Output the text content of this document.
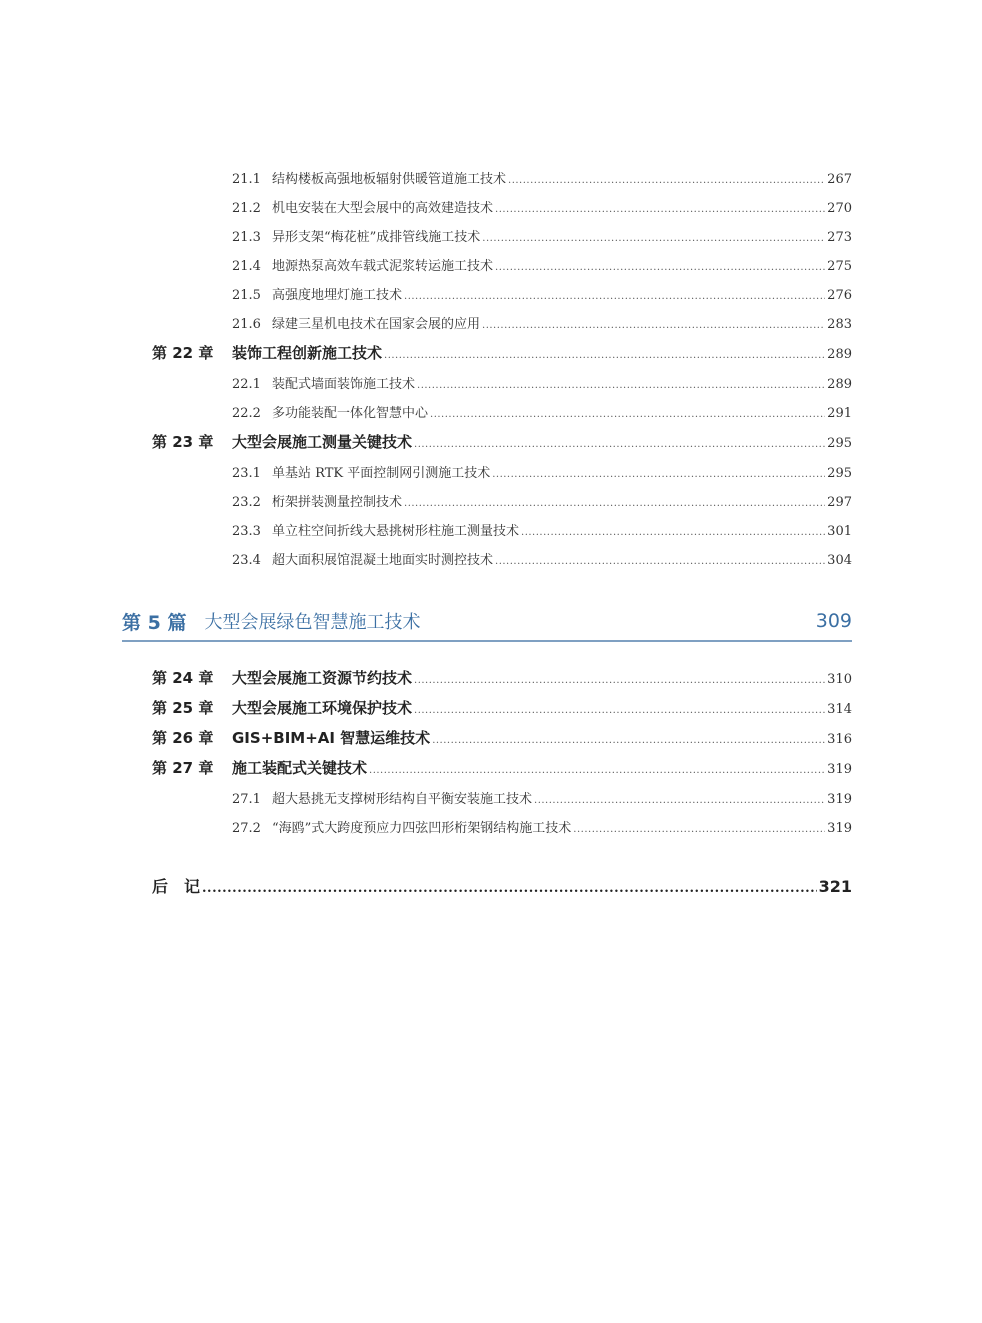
21.1 结构楼板高强地板辐射供暖管道施工技术 .....	267
21.2 机电安装在大型会展中的高效建造技术 .....	270
21.3 异形支架“梅花桩”成排管线施工技术 .....	273
21.4 地源热泵高效车载式泥浆转运施工技术 .....	275
21.5 高强度地埋灯施工技术 .....	276
21.6 绿建三星机电技术在国家会展的应用 .....	283
第 22 章	装饰工程创新施工技术 .....	289
22.1 装配式墙面装饰施工技术 .....	289
22.2 多功能装配一体化智慧中心 .....	291
第 23 章	大型会展施工测量关键技术 .....	295
23.1 单基站 RTK 平面控制网引测施工技术 .....	295
23.2 桁架拼装测量控制技术 .....	297
23.3 单立柱空间折线大悬挑树形柱施工测量技术 .....	301
23.4 超大面积展馆混凝土地面实时测控技术 .....	304
第 5 篇 大型会展绿色智慧施工技术	309
第 24 章	大型会展施工资源节约技术 .....	310
第 25 章	大型会展施工环境保护技术 .....	314
第 26 章	GIS+BIM+AI 智慧运维技术 .....	316
第 27 章	施工装配式关键技术 .....	319
27.1 超大悬挑无支撑树形结构自平衡安装施工技术 .....	319
27.2 “海鸥”式大跨度预应力四弦凹形桁架钢结构施工技术 .....	319
后　记 .....	321
